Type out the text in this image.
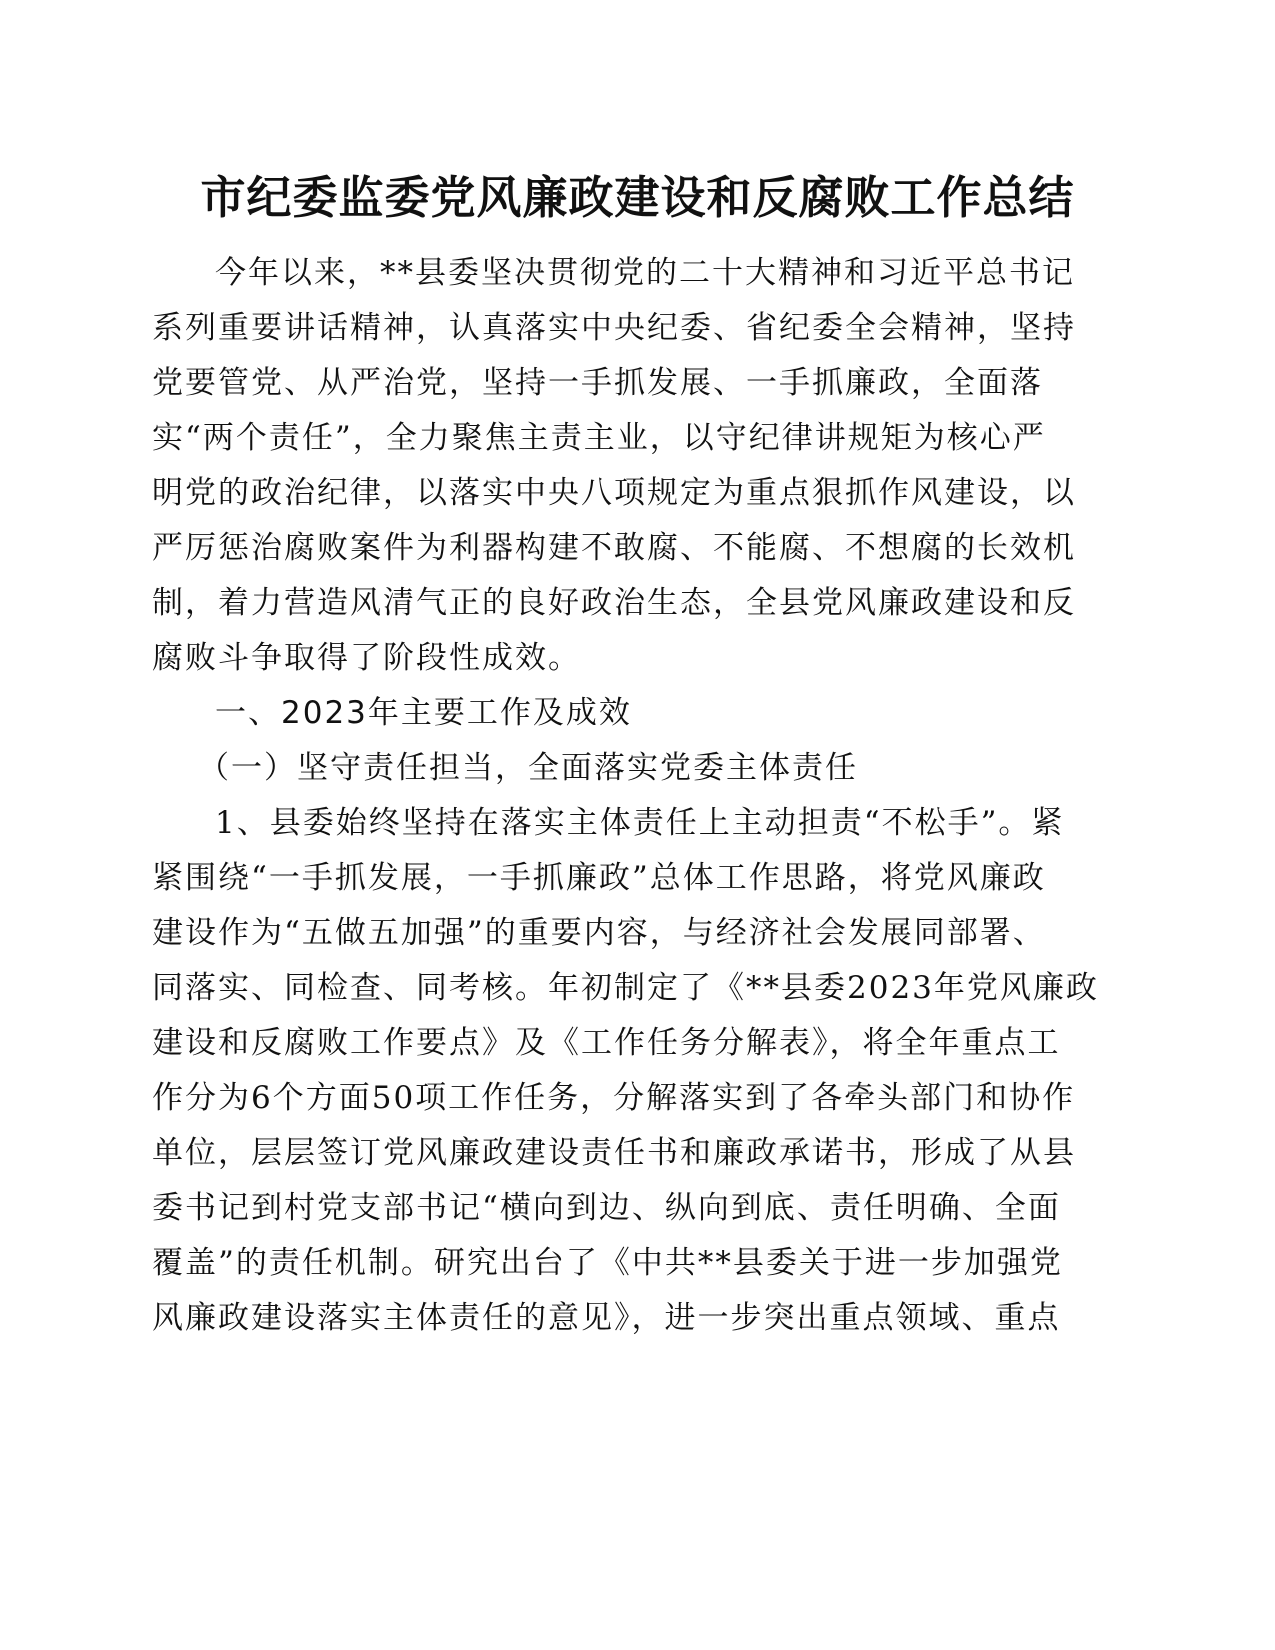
市纪委监委党风廉政建设和反腐败工作总结

今年以来，**县委坚决贯彻党的二十大精神和习近平总书记

系列重要讲话精神，认真落实中央纪委、省纪委全会精神，坚持

党要管党、从严治党，坚持一手抓发展、一手抓廉政，全面落

实“两个责任”，全力聚焦主责主业，以守纪律讲规矩为核心严

明党的政治纪律，以落实中央八项规定为重点狠抓作风建设，以

严厉惩治腐败案件为利器构建不敢腐、不能腐、不想腐的长效机

制，着力营造风清气正的良好政治生态，全县党风廉政建设和反

腐败斗争取得了阶段性成效。

一、2023年主要工作及成效

（一）坚守责任担当，全面落实党委主体责任

1、县委始终坚持在落实主体责任上主动担责“不松手”。紧

紧围绕“一手抓发展，一手抓廉政”总体工作思路，将党风廉政

建设作为“五做五加强”的重要内容，与经济社会发展同部署、

同落实、同检查、同考核。年初制定了《**县委2023年党风廉政

建设和反腐败工作要点》及《工作任务分解表》，将全年重点工

作分为6个方面50项工作任务，分解落实到了各牵头部门和协作

单位，层层签订党风廉政建设责任书和廉政承诺书，形成了从县

委书记到村党支部书记“横向到边、纵向到底、责任明确、全面

覆盖”的责任机制。研究出台了《中共**县委关于进一步加强党

风廉政建设落实主体责任的意见》，进一步突出重点领域、重点
